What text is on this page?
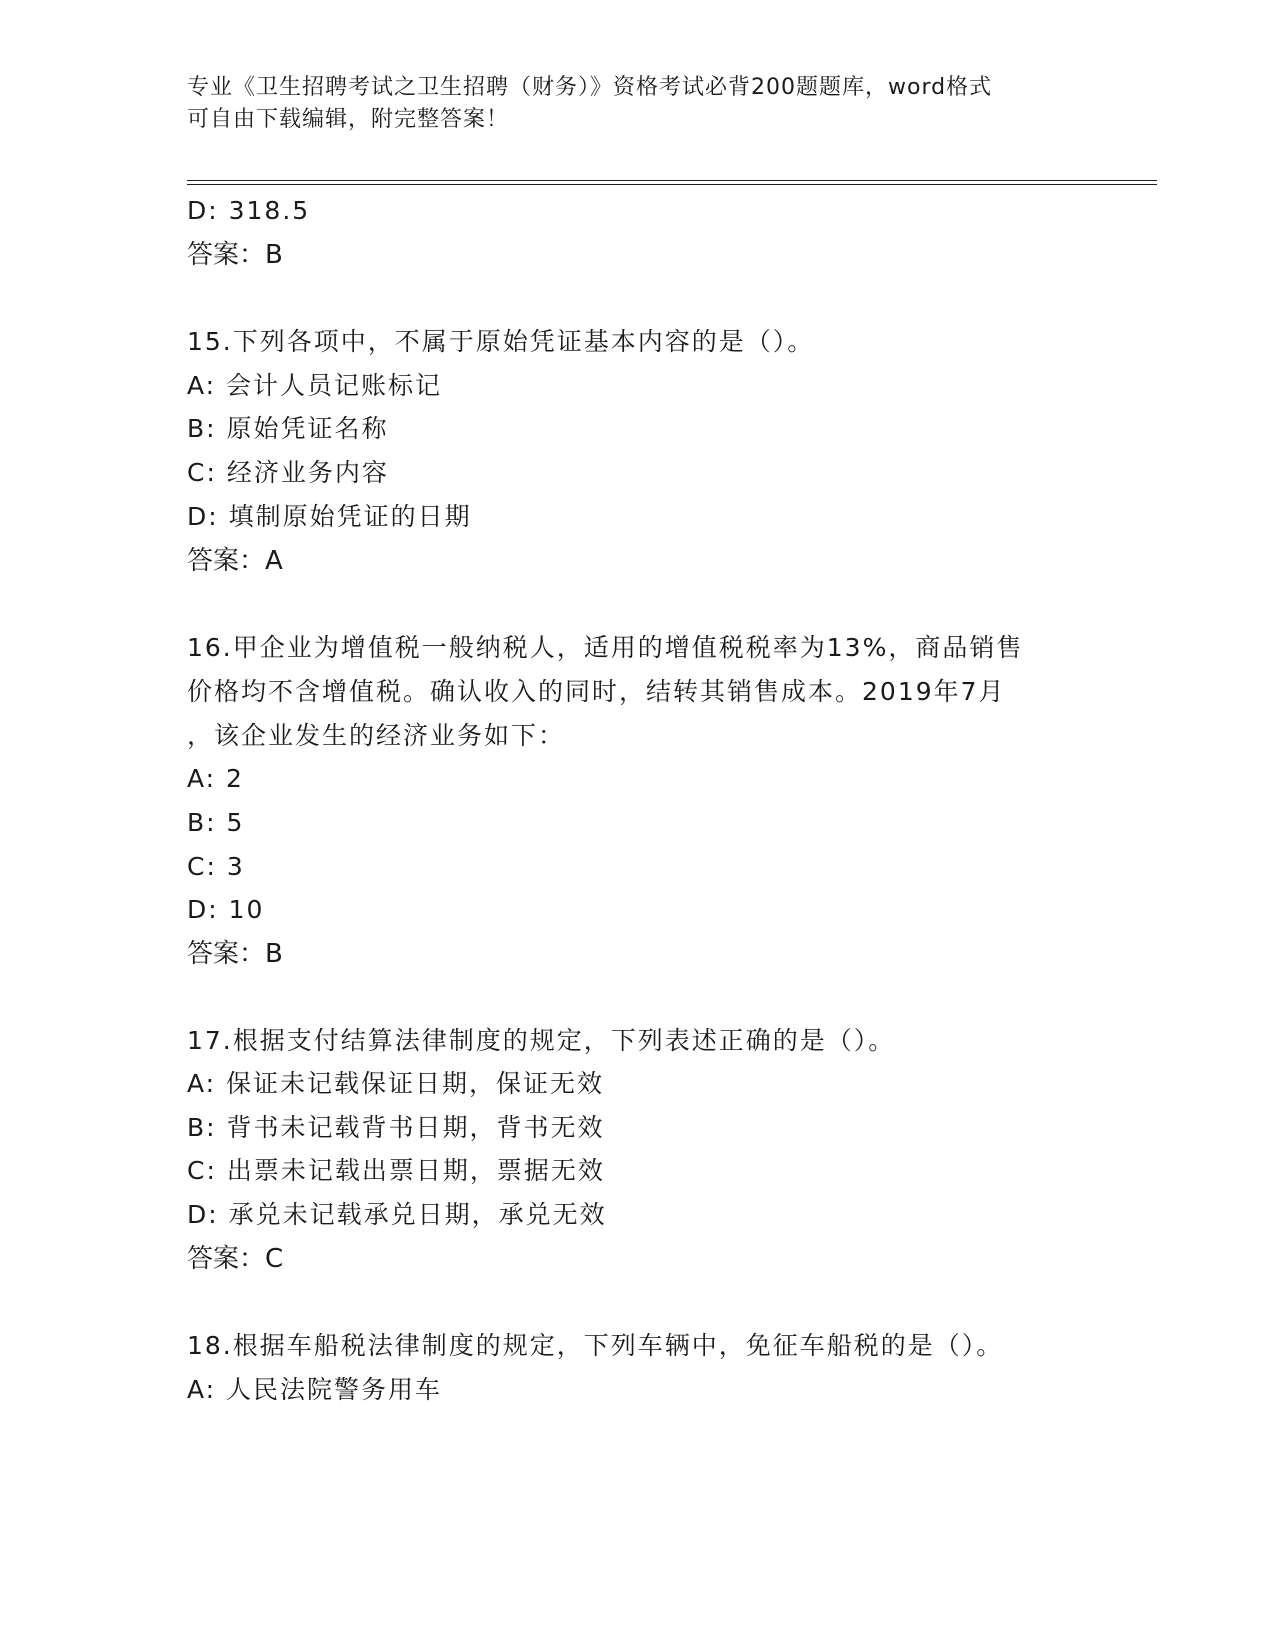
专业《卫生招聘考试之卫生招聘（财务）》资格考试必背200题题库，word格式
可自由下载编辑，附完整答案！
D: 318.5
答案：B
15.下列各项中，不属于原始凭证基本内容的是（）。
A: 会计人员记账标记
B: 原始凭证名称
C: 经济业务内容
D: 填制原始凭证的日期
答案：A
16.甲企业为增值税一般纳税人，适用的增值税税率为13%，商品销售
价格均不含增值税。确认收入的同时，结转其销售成本。2019年7月
，该企业发生的经济业务如下：
A: 2
B: 5
C: 3
D: 10
答案：B
17.根据支付结算法律制度的规定，下列表述正确的是（）。
A: 保证未记载保证日期，保证无效
B: 背书未记载背书日期，背书无效
C: 出票未记载出票日期，票据无效
D: 承兑未记载承兑日期，承兑无效
答案：C
18.根据车船税法律制度的规定，下列车辆中，免征车船税的是（）。
A: 人民法院警务用车
